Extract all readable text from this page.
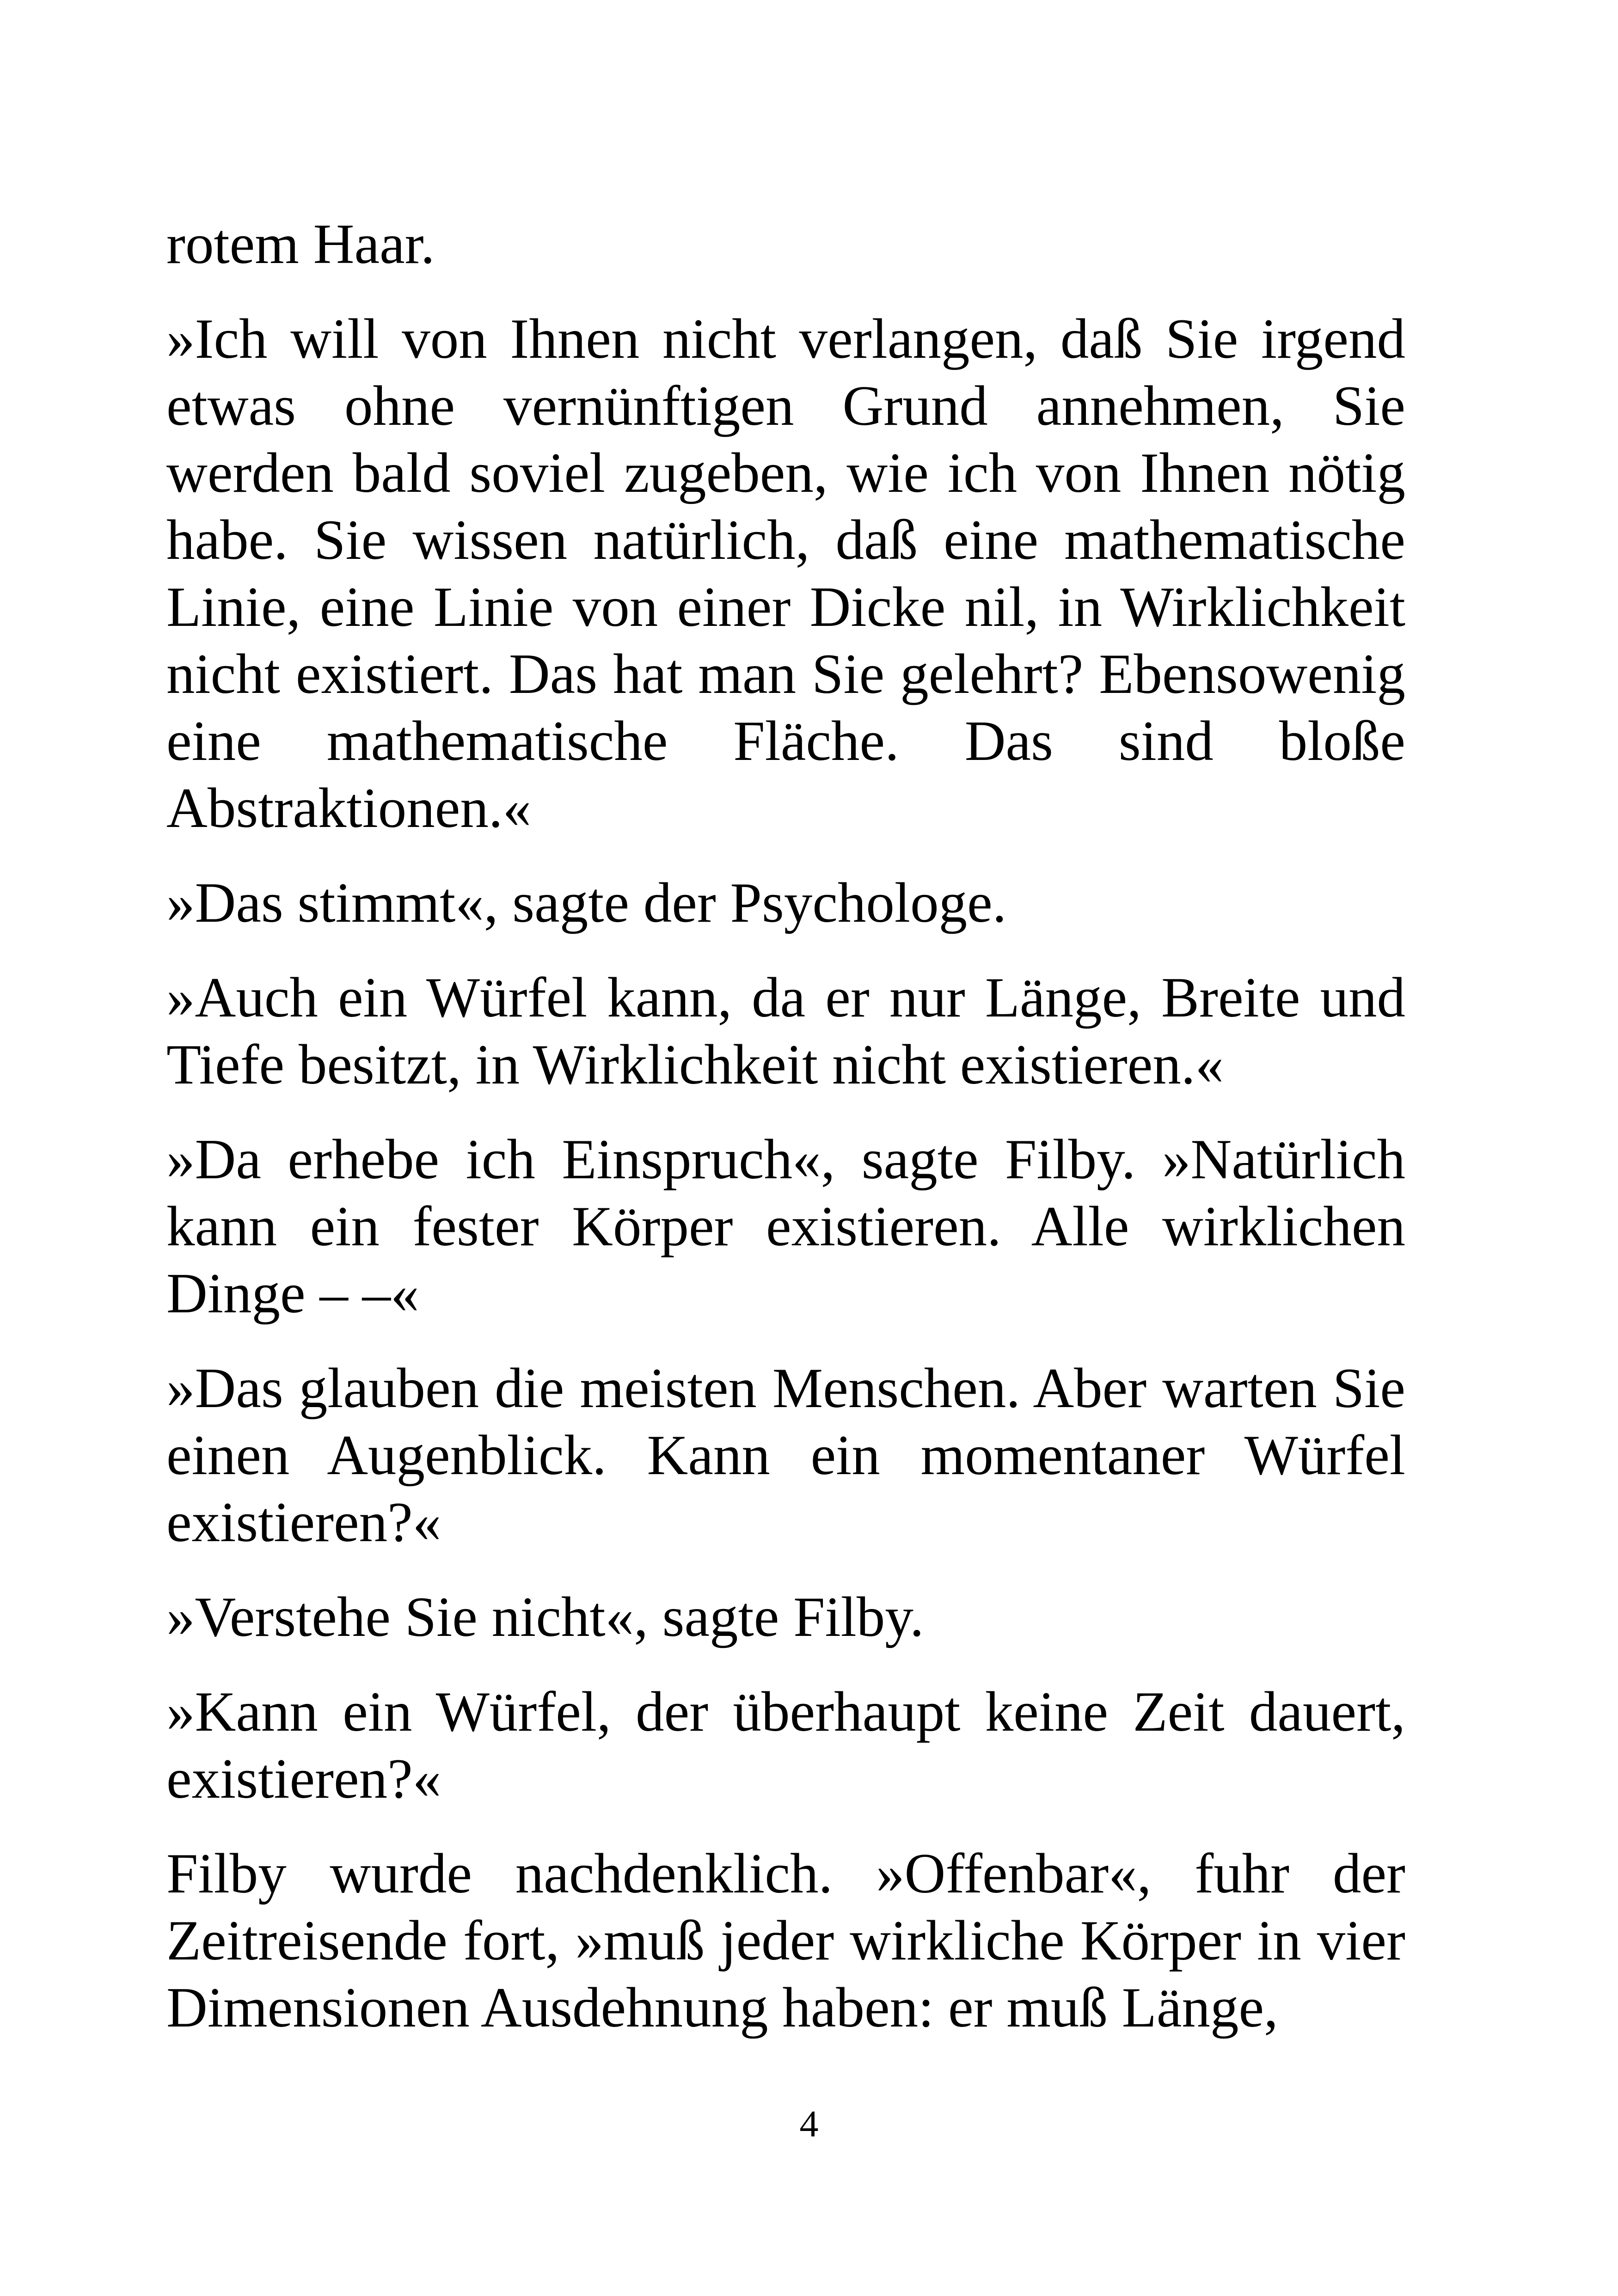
rotem Haar.

»Ich will von Ihnen nicht verlangen, daß Sie irgend etwas ohne vernünftigen Grund annehmen, Sie werden bald soviel zugeben, wie ich von Ihnen nötig habe. Sie wissen natürlich, daß eine mathematische Linie, eine Linie von einer Dicke nil, in Wirklichkeit nicht existiert. Das hat man Sie gelehrt? Ebensowenig eine mathematische Fläche. Das sind bloße Abstraktionen.«

»Das stimmt«, sagte der Psychologe.

»Auch ein Würfel kann, da er nur Länge, Breite und Tiefe besitzt, in Wirklichkeit nicht existieren.«

»Da erhebe ich Einspruch«, sagte Filby. »Natürlich kann ein fester Körper existieren. Alle wirklichen Dinge – –«

»Das glauben die meisten Menschen. Aber warten Sie einen Augenblick. Kann ein momentaner Würfel existieren?«

»Verstehe Sie nicht«, sagte Filby.

»Kann ein Würfel, der überhaupt keine Zeit dauert, existieren?«

Filby wurde nachdenklich. »Offenbar«, fuhr der Zeitreisende fort, »muß jeder wirkliche Körper in vier Dimensionen Ausdehnung haben: er muß Länge,

4
